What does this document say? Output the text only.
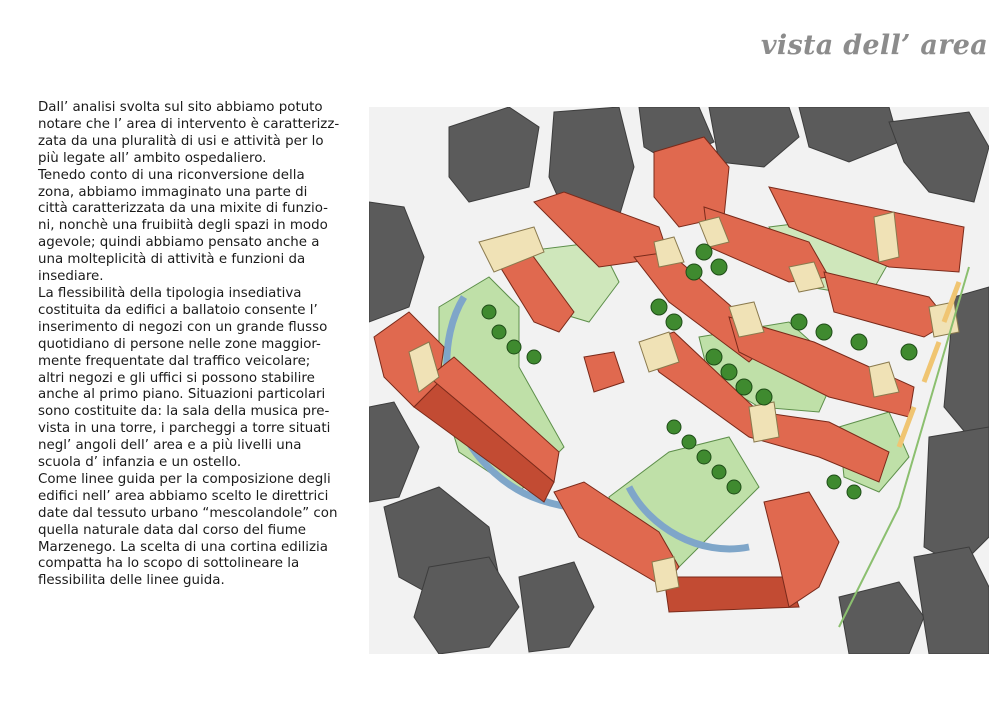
vista dell’ area

Dall’ analisi svolta sul sito abbiamo potuto
notare che l’ area di intervento è caratterizz-
zata da una pluralità di usi e attività per lo
più legate all’ ambito ospedaliero.

Tenedo conto di una riconversione della
zona, abbiamo immaginato una parte di
città caratterizzata da una mixite di funzio-
ni, nonchè una fruibiità degli spazi in modo
agevole; quindi abbiamo pensato anche a
una molteplicità di attività e funzioni da
insediare.

La flessibilità della tipologia insediativa
costituita da edifici a ballatoio consente l’
inserimento di negozi con un grande flusso
quotidiano di persone nelle zone maggior-
mente frequentate dal traffico veicolare;
altri negozi e gli uffici si possono stabilire
anche al primo piano. Situazioni particolari
sono costituite da: la sala della musica pre-
vista in una torre, i parcheggi a torre situati
negl’ angoli dell’ area e a più livelli una
scuola d’ infanzia e un ostello.

Come linee guida per la composizione degli
edifici nell’ area abbiamo scelto le direttrici
date dal tessuto urbano “mescolandole” con
quella naturale data dal corso del fiume
Marzenego. La scelta di una cortina edilizia
compatta ha lo scopo di sottolineare la
flessibilita delle linee guida.
